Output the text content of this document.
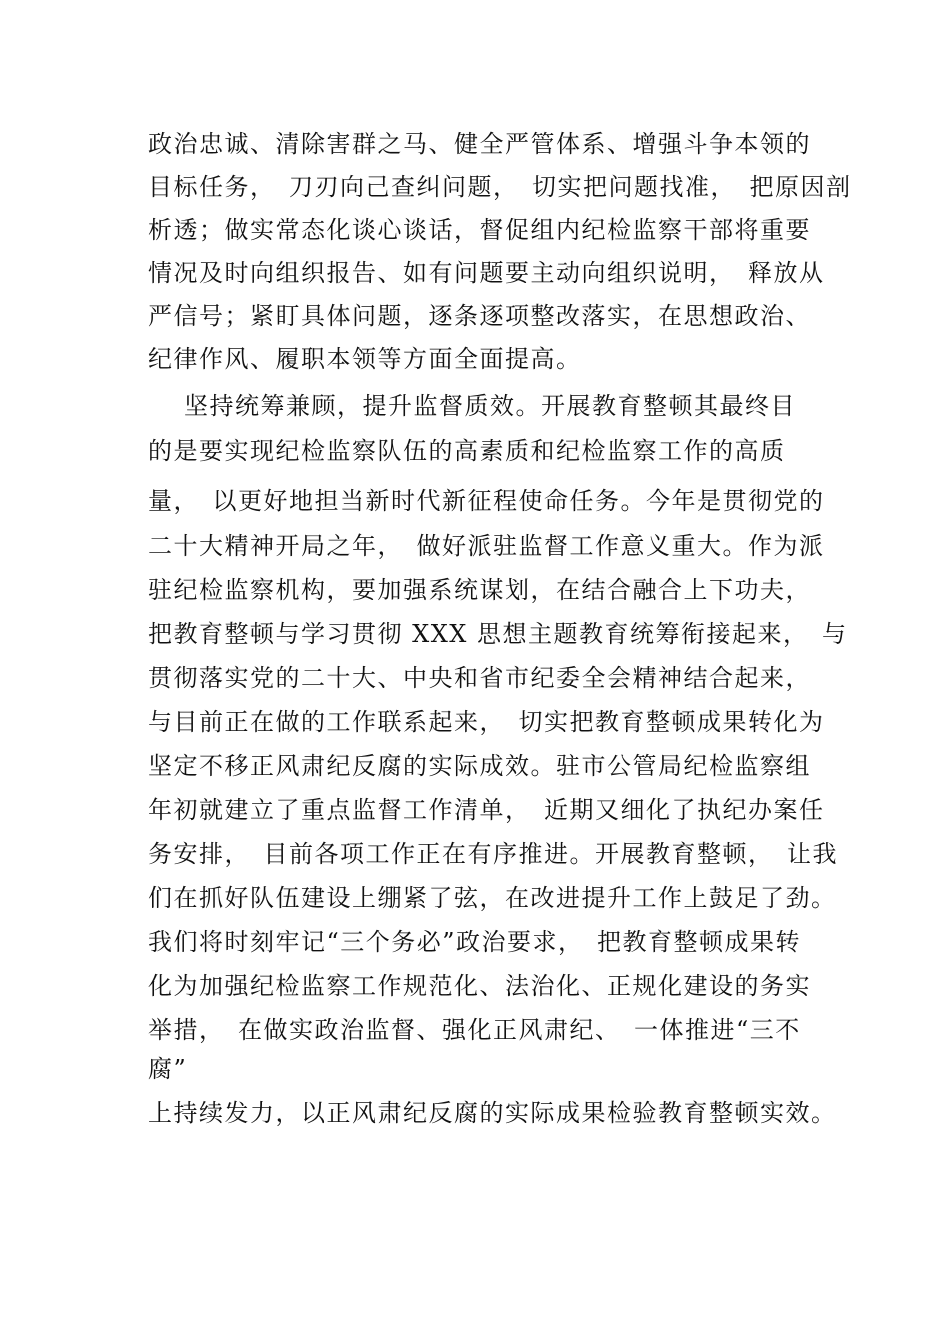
政治忠诚、清除害群之马、健全严管体系、增强斗争本领的
目标任务，　刀刃向己查纠问题，　切实把问题找准，　把原因剖
析透；做实常态化谈心谈话，督促组内纪检监察干部将重要
情况及时向组织报告、如有问题要主动向组织说明，　释放从
严信号；紧盯具体问题，逐条逐项整改落实，在思想政治、
纪律作风、履职本领等方面全面提高。
坚持统筹兼顾，提升监督质效。开展教育整顿其最终目
的是要实现纪检监察队伍的高素质和纪检监察工作的高质
量，　以更好地担当新时代新征程使命任务。今年是贯彻党的
二十大精神开局之年，　做好派驻监督工作意义重大。作为派
驻纪检监察机构，要加强系统谋划，在结合融合上下功夫，
把教育整顿与学习贯彻 XXX 思想主题教育统筹衔接起来，　与
贯彻落实党的二十大、中央和省市纪委全会精神结合起来，
与目前正在做的工作联系起来，　切实把教育整顿成果转化为
坚定不移正风肃纪反腐的实际成效。驻市公管局纪检监察组
年初就建立了重点监督工作清单，　近期又细化了执纪办案任
务安排，　目前各项工作正在有序推进。开展教育整顿，　让我
们在抓好队伍建设上绷紧了弦，在改进提升工作上鼓足了劲。
我们将时刻牢记“三个务必”政治要求，　把教育整顿成果转
化为加强纪检监察工作规范化、法治化、正规化建设的务实
举措，　在做实政治监督、强化正风肃纪、　一体推进“三不
腐”
上持续发力，以正风肃纪反腐的实际成果检验教育整顿实效。
